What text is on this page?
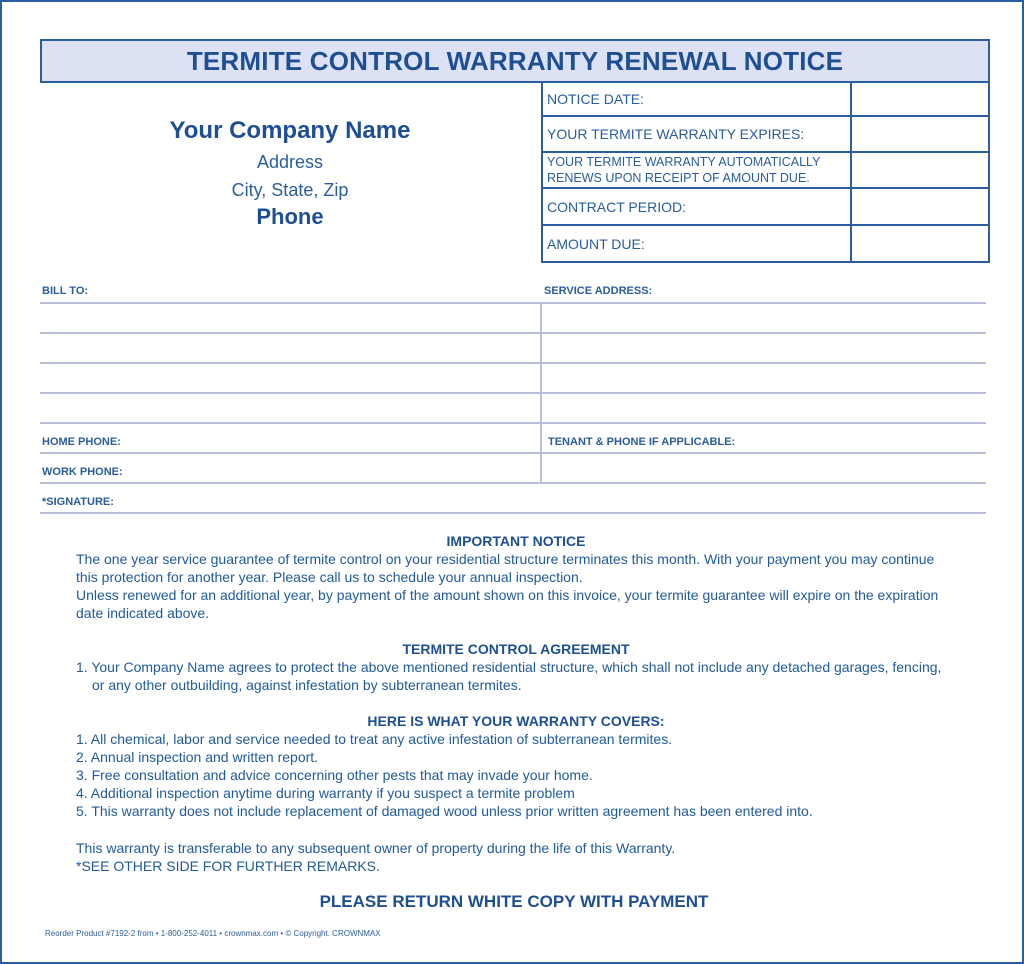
TERMITE CONTROL WARRANTY RENEWAL NOTICE
Your Company Name
Address
City, State, Zip
Phone
NOTICE DATE:
YOUR TERMITE WARRANTY EXPIRES:
YOUR TERMITE WARRANTY AUTOMATICALLY RENEWS UPON RECEIPT OF AMOUNT DUE.
CONTRACT PERIOD:
AMOUNT DUE:
BILL TO:	SERVICE ADDRESS:
HOME PHONE:	TENANT & PHONE IF APPLICABLE:
WORK PHONE:
*SIGNATURE:
IMPORTANT NOTICE

The one year service guarantee of termite control on your residential structure terminates this month. With your payment you may continue this protection for another year. Please call us to schedule your annual inspection.

Unless renewed for an additional year, by payment of the amount shown on this invoice, your termite guarantee will expire on the expiration date indicated above.

TERMITE CONTROL AGREEMENT

1. Your Company Name agrees to protect the above mentioned residential structure, which shall not include any detached garages, fencing, or any other outbuilding, against infestation by subterranean termites.

HERE IS WHAT YOUR WARRANTY COVERS:

1. All chemical, labor and service needed to treat any active infestation of subterranean termites.

2. Annual inspection and written report.

3. Free consultation and advice concerning other pests that may invade your home.

4. Additional inspection anytime during warranty if you suspect a termite problem

5. This warranty does not include replacement of damaged wood unless prior written agreement has been entered into.

This warranty is transferable to any subsequent owner of property during the life of this Warranty.

*SEE OTHER SIDE FOR FURTHER REMARKS.

PLEASE RETURN WHITE COPY WITH PAYMENT
Reorder Product #7192-2 from • 1-800-252-4011 • crownmax.com • © Copyright. CROWNMAX
